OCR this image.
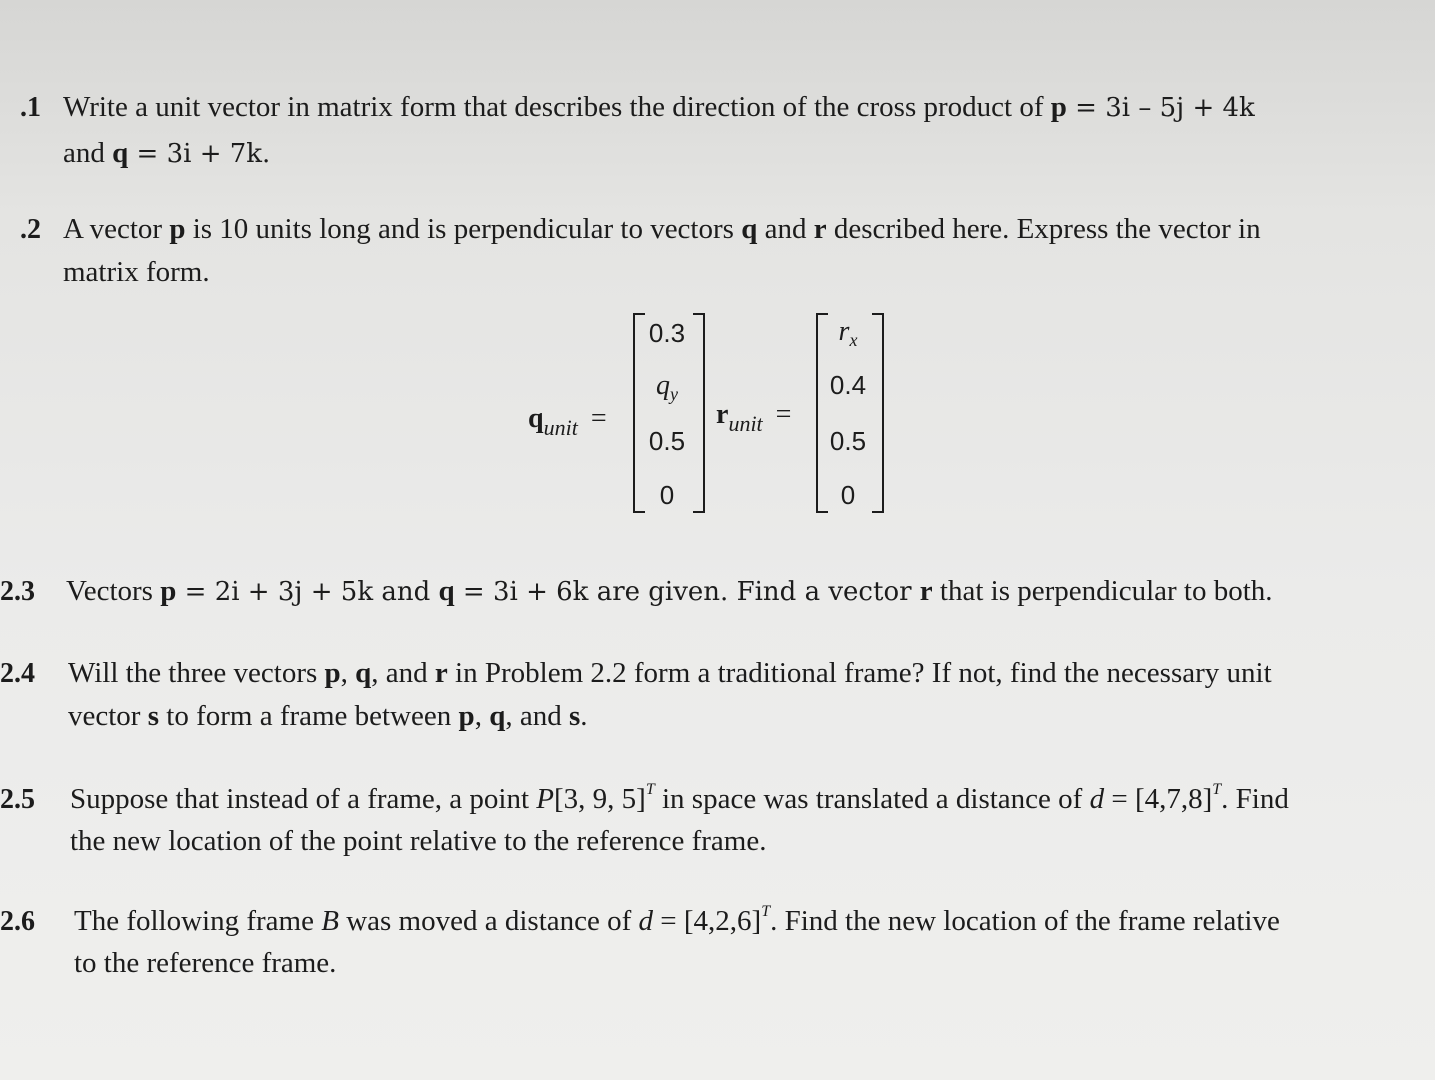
.1 Write a unit vector in matrix form that describes the direction of the cross product of p = 3i – 5j + 4k
and q = 3i + 7k.
.2 A vector p is 10 units long and is perpendicular to vectors q and r described here. Express the vector in
matrix form.
$q_{unit}$ =
0.3
$q_y$
0.5
0
$r_{unit}$ =
$r_x$
0.4
0.5
0
2.3 Vectors p = 2i + 3j + 5k and q = 3i + 6k are given. Find a vector r that is perpendicular to both.
2.4 Will the three vectors p, q, and r in Problem 2.2 form a traditional frame? If not, find the necessary unit
vector s to form a frame between p, q, and s.
2.5 Suppose that instead of a frame, a point P[3, 9, 5]$^T$ in space was translated a distance of $d = [4,7,8]^T$. Find
the new location of the point relative to the reference frame.
2.6 The following frame B was moved a distance of $d = [4,2,6]^T$. Find the new location of the frame relative
to the reference frame.
